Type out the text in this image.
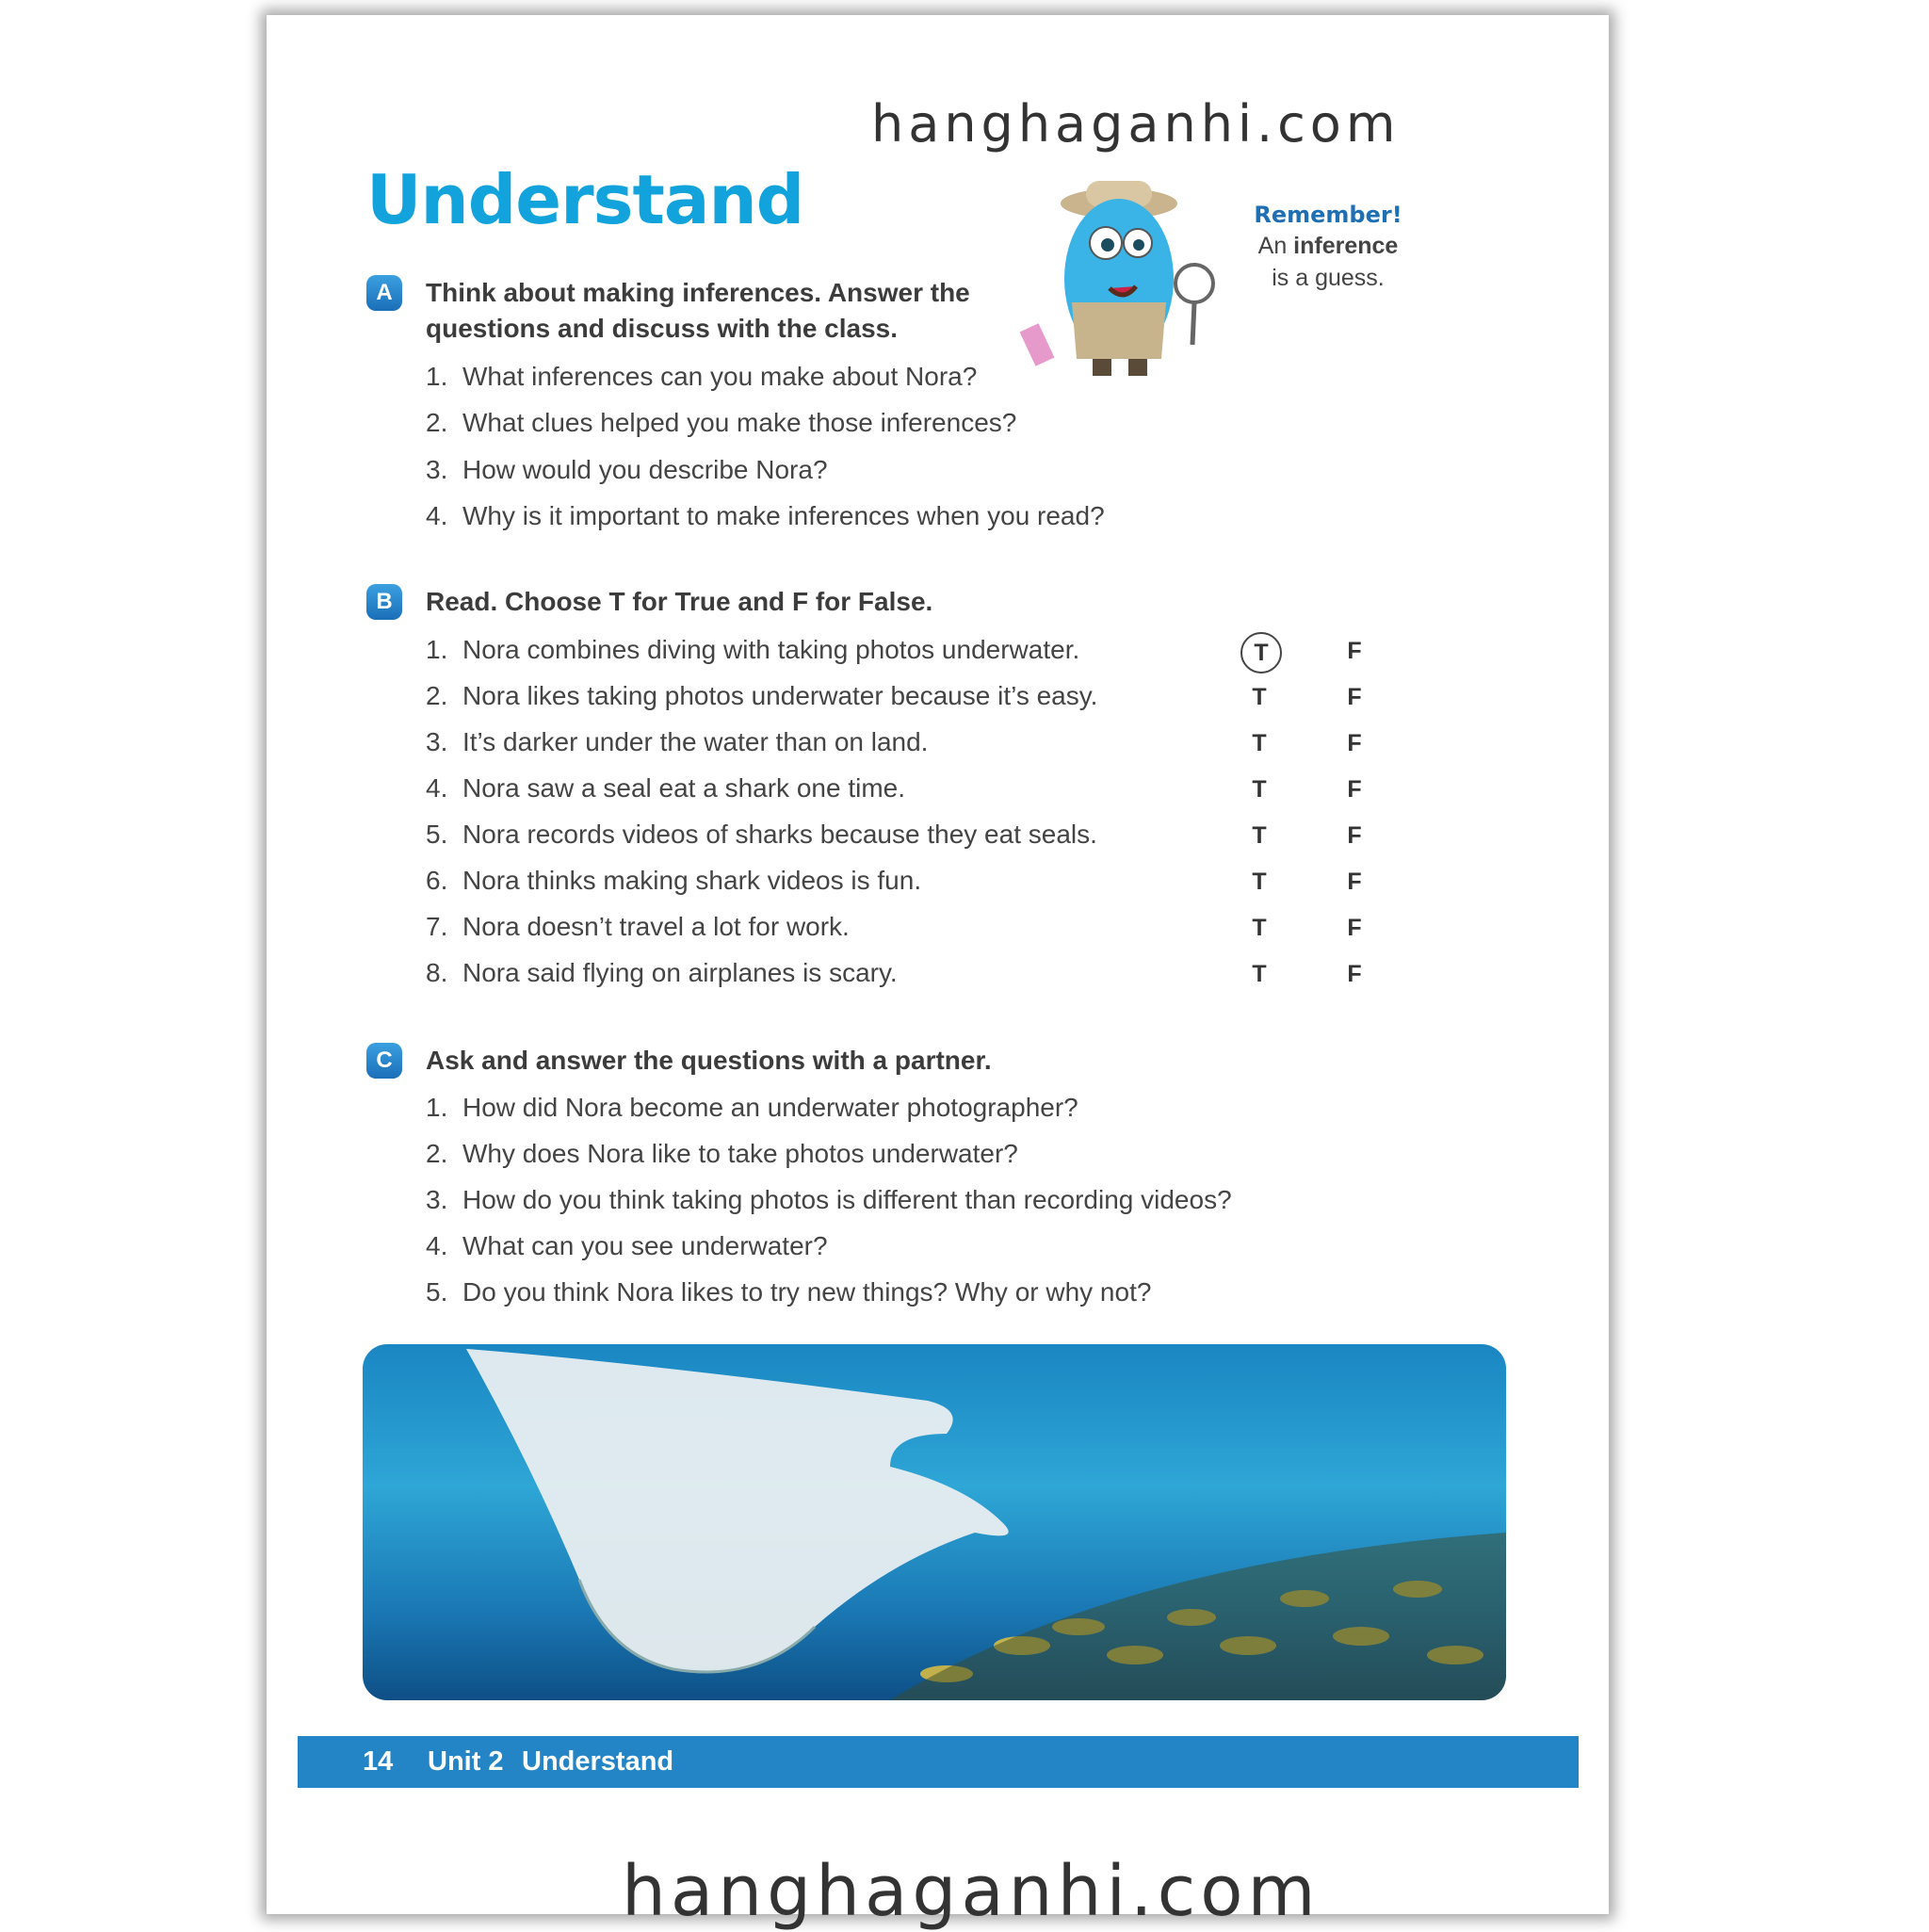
hanghaganhi.com
Understand	Remember!
An inference
is a guess.
A	Think about making inferences. Answer the
questions and discuss with the class.
1. What inferences can you make about Nora?
2. What clues helped you make those inferences?
3. How would you describe Nora?
4. Why is it important to make inferences when you read?
B	Read. Choose T for True and F for False.
1. Nora combines diving with taking photos underwater.	T	F
2. Nora likes taking photos underwater because it’s easy.	T	F
3. It’s darker under the water than on land.	T	F
4. Nora saw a seal eat a shark one time.	T	F
5. Nora records videos of sharks because they eat seals.	T	F
6. Nora thinks making shark videos is fun.	T	F
7. Nora doesn’t travel a lot for work.	T	F
8. Nora said flying on airplanes is scary.	T	F
C	Ask and answer the questions with a partner.
1. How did Nora become an underwater photographer?
2. Why does Nora like to take photos underwater?
3. How do you think taking photos is different than recording videos?
4. What can you see underwater?
5. Do you think Nora likes to try new things? Why or why not?
14 Unit 2 Understand
hanghaganhi.com
